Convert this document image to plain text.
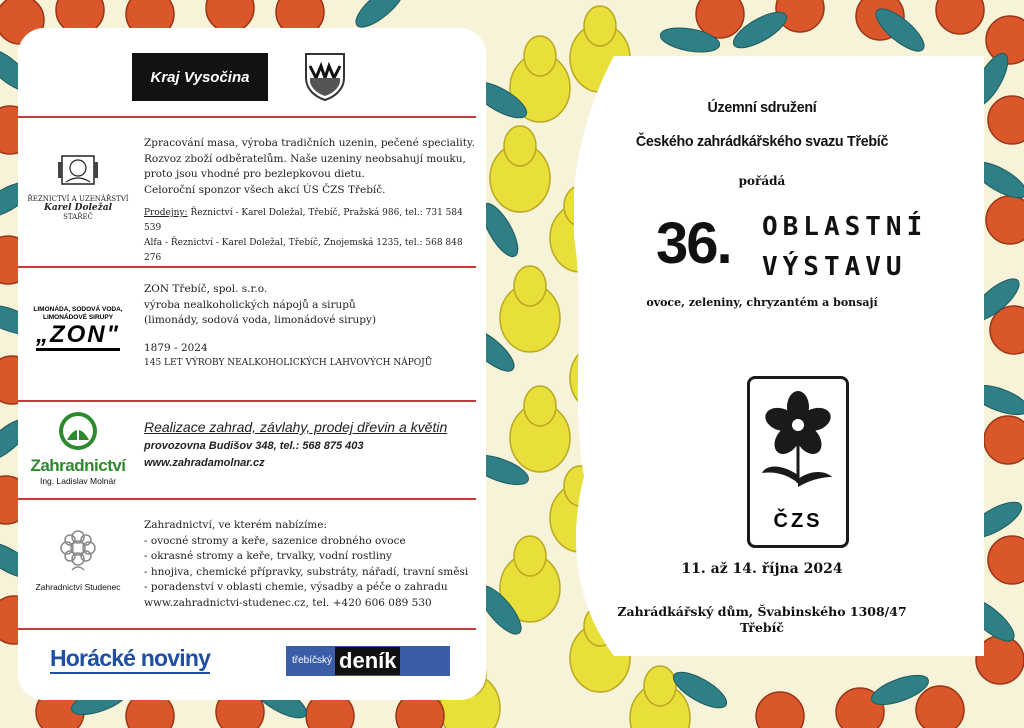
Kraj Vysočina
ŘEZNICTVÍ A UZENÁŘSTVÍ
Karel Doležal
STAŘEČ

Zpracování masa, výroba tradičních uzenin, pečené speciality.

Rozvoz zboží odběratelům. Naše uzeniny neobsahují mouku,

proto jsou vhodné pro bezlepkovou dietu.

Celoroční sponzor všech akcí ÚS ČZS Třebíč.

Prodejny: Řeznictví - Karel Doležal, Třebíč, Pražská 986, tel.: 731 584 539

Alfa - Řeznictví - Karel Doležal, Třebíč, Znojemská 1235, tel.: 568 848 276

LIMONÁDA, SODOVÁ VODA,
LIMONÁDOVÉ SIRUPY
„ZON"

ZON Třebíč, spol. s.r.o.

výroba nealkoholických nápojů a sirupů

(limonády, sodová voda, limonádové sirupy)

1879 - 2024

145 LET VÝROBY NEALKOHOLICKÝCH LAHVOVÝCH NÁPOJŮ

Zahradnictví
Ing. Ladislav Molnár

Realizace zahrad, závlahy, prodej dřevin a květin

provozovna Budišov 348, tel.: 568 875 403

www.zahradamolnar.cz

Zahradnictví Studenec

Zahradnictví, ve kterém nabízíme:

- ovocné stromy a keře, sazenice drobného ovoce

- okrasné stromy a keře, trvalky, vodní rostliny

- hnojiva, chemické přípravky, substráty, nářadí, travní směsi

- poradenství v oblasti chemie, výsadby a péče o zahradu

www.zahradnictvi-studenec.cz, tel. +420 606 089 530

Horácké noviny	třebíčský deník
Územní sdružení
Českého zahrádkářského svazu Třebíč
pořádá
36. OBLASTNÍ
VÝSTAVU
ovoce, zeleniny, chryzantém a bonsají
ČZS
11. až 14. října 2024
Zahrádkářský dům, Švabinského 1308/47
Třebíč
